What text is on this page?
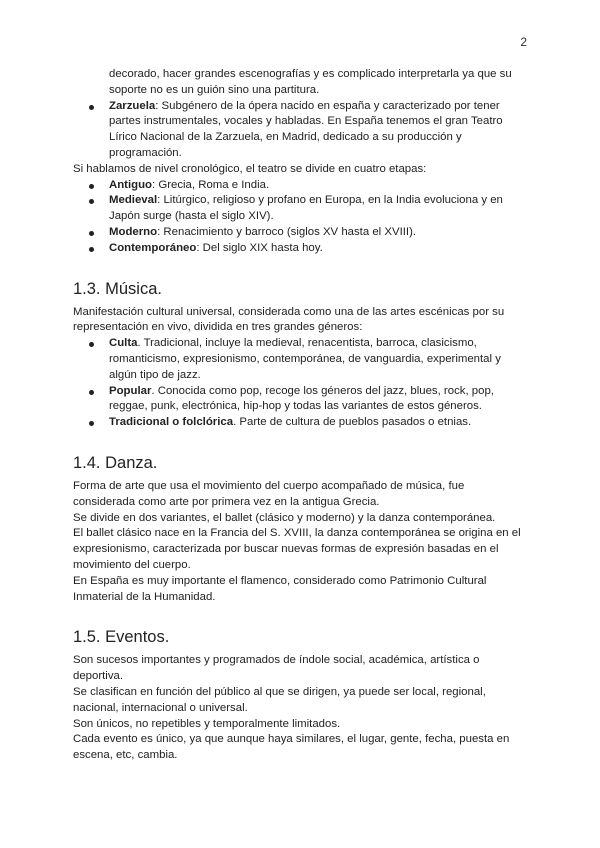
2

decorado, hacer grandes escenografías y es complicado interpretarla ya que su soporte no es un guión sino una partitura.

Zarzuela: Subgénero de la ópera nacido en españa y caracterizado por tener partes instrumentales, vocales y habladas. En España tenemos el gran Teatro Lírico Nacional de la Zarzuela, en Madrid, dedicado a su producción y programación.

Si hablamos de nivel cronológico, el teatro se divide en cuatro etapas:

Antiguo: Grecia, Roma e India.
Medieval: Litúrgico, religioso y profano en Europa, en la India evoluciona y en Japón surge (hasta el siglo XIV).
Moderno: Renacimiento y barroco (siglos XV hasta el XVIII).
Contemporáneo: Del siglo XIX hasta hoy.
1.3. Música.

Manifestación cultural universal, considerada como una de las artes escénicas por su representación en vivo, dividida en tres grandes géneros:

Culta. Tradicional, incluye la medieval, renacentista, barroca, clasicismo, romanticismo, expresionismo, contemporánea, de vanguardia, experimental y algún tipo de jazz.
Popular. Conocida como pop, recoge los géneros del jazz, blues, rock, pop, reggae, punk, electrónica, hip-hop y todas las variantes de estos géneros.
Tradicional o folclórica. Parte de cultura de pueblos pasados o etnias.
1.4. Danza.

Forma de arte que usa el movimiento del cuerpo acompañado de música, fue considerada como arte por primera vez en la antigua Grecia.

Se divide en dos variantes, el ballet (clásico y moderno) y la danza contemporánea.

El ballet clásico nace en la Francia del S. XVIII, la danza contemporánea se origina en el expresionismo, caracterizada por buscar nuevas formas de expresión basadas en el movimiento del cuerpo.

En España es muy importante el flamenco, considerado como Patrimonio Cultural Inmaterial de la Humanidad.

1.5. Eventos.

Son sucesos importantes y programados de índole social, académica, artística o deportiva.

Se clasifican en función del público al que se dirigen, ya puede ser local, regional, nacional, internacional o universal.

Son únicos, no repetibles y temporalmente limitados.

Cada evento es único, ya que aunque haya similares, el lugar, gente, fecha, puesta en escena, etc, cambia.
